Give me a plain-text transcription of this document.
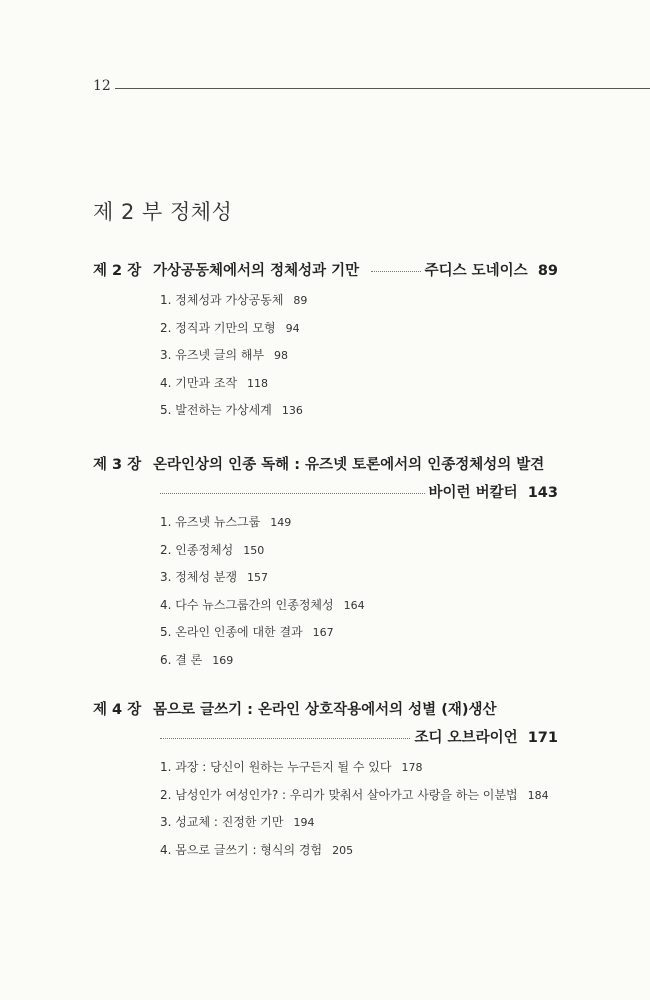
12
제 2 부 정체성
제 2 장 가상공동체에서의 정체성과 기만	주디스 도네이스 89
1. 정체성과 가상공동체 89
2. 정직과 기만의 모형 94
3. 유즈넷 글의 해부 98
4. 기만과 조작 118
5. 발전하는 가상세계 136
제 3 장 온라인상의 인종 독해 : 유즈넷 토론에서의 인종정체성의 발견
바이런 버칼터 143
1. 유즈넷 뉴스그룹 149
2. 인종정체성 150
3. 정체성 분쟁 157
4. 다수 뉴스그룹간의 인종정체성 164
5. 온라인 인종에 대한 결과 167
6. 결 론 169
제 4 장 몸으로 글쓰기 : 온라인 상호작용에서의 성별 (재)생산
조디 오브라이언 171
1. 과장 : 당신이 원하는 누구든지 될 수 있다 178
2. 남성인가 여성인가? : 우리가 맞춰서 살아가고 사랑을 하는 이분법 184
3. 성교체 : 진정한 기만 194
4. 몸으로 글쓰기 : 형식의 경험 205
